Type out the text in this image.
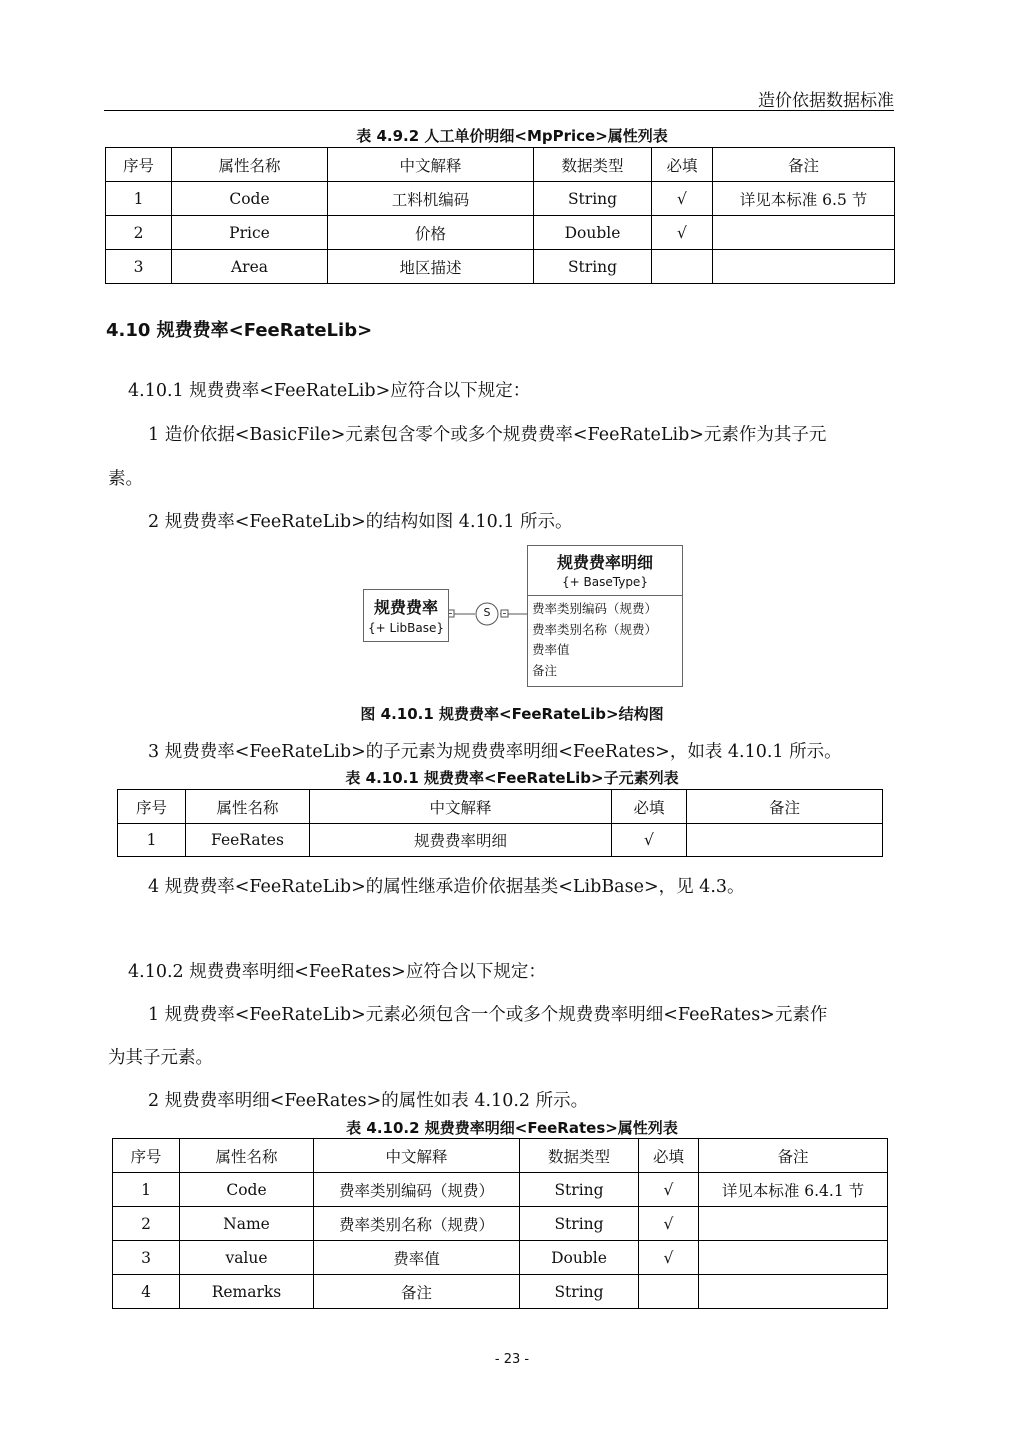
造价依据数据标准
表 4.9.2 人工单价明细<MpPrice>属性列表
序号	属性名称	中文解释	数据类型	必填	备注
1	Code	工料机编码	String	√	详见本标准 6.5 节
2	Price	价格	Double	√	
3	Area	地区描述	String		
4.10 规费费率<FeeRateLib>
4.10.1 规费费率<FeeRateLib>应符合以下规定：
1 造价依据<BasicFile>元素包含零个或多个规费费率<FeeRateLib>元素作为其子元
素。
2 规费费率<FeeRateLib>的结构如图 4.10.1 所示。
S
规费费率
{+ LibBase}
规费费率明细
{+ BaseType}
费率类别编码（规费）
费率类别名称（规费）
费率值
备注
图 4.10.1 规费费率<FeeRateLib>结构图
3 规费费率<FeeRateLib>的子元素为规费费率明细<FeeRates>，如表 4.10.1 所示。
表 4.10.1 规费费率<FeeRateLib>子元素列表
序号	属性名称	中文解释	必填	备注
1	FeeRates	规费费率明细	√	
4 规费费率<FeeRateLib>的属性继承造价依据基类<LibBase>，见 4.3。
4.10.2 规费费率明细<FeeRates>应符合以下规定：
1 规费费率<FeeRateLib>元素必须包含一个或多个规费费率明细<FeeRates>元素作
为其子元素。
2 规费费率明细<FeeRates>的属性如表 4.10.2 所示。
表 4.10.2 规费费率明细<FeeRates>属性列表
序号	属性名称	中文解释	数据类型	必填	备注
1	Code	费率类别编码（规费）	String	√	详见本标准 6.4.1 节
2	Name	费率类别名称（规费）	String	√	
3	value	费率值	Double	√	
4	Remarks	备注	String		
- 23 -
